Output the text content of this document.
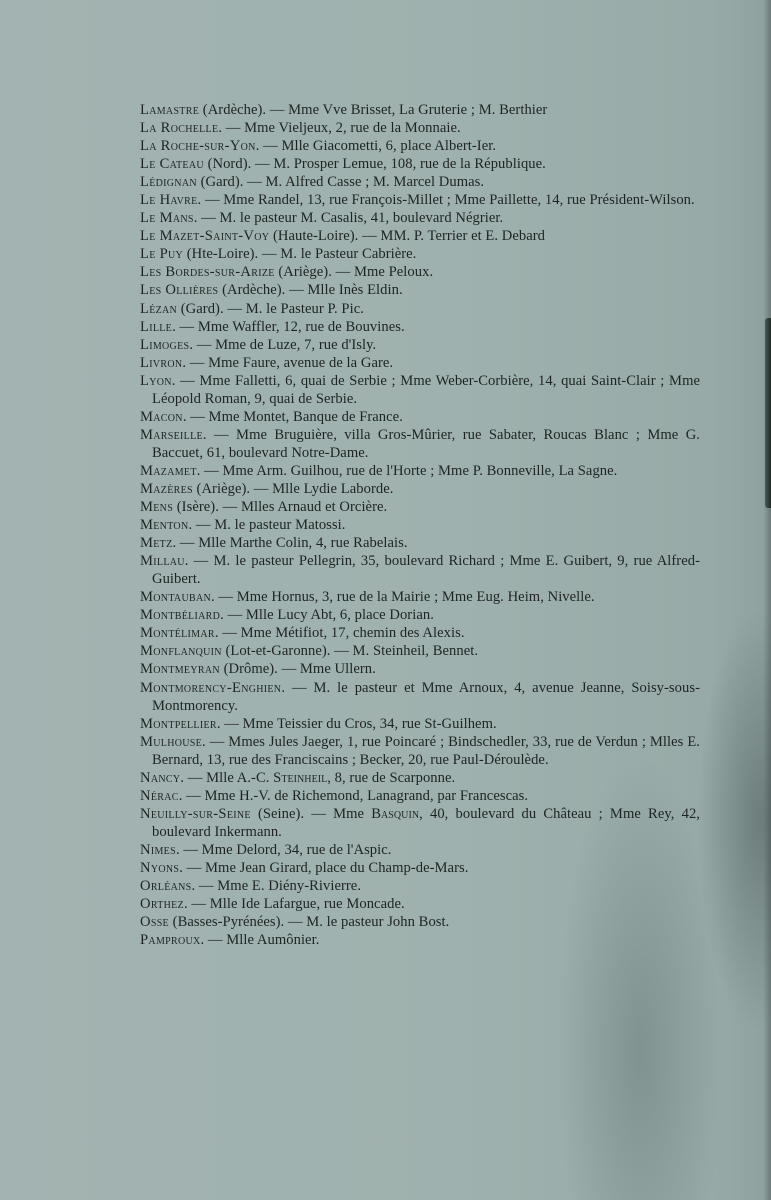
Lamastre (Ardèche). — Mme Vve Brisset, La Gruterie ; M. Berthier

La Rochelle. — Mme Vieljeux, 2, rue de la Monnaie.

La Roche-sur-Yon. — Mlle Giacometti, 6, place Albert-Ier.

Le Cateau (Nord). — M. Prosper Lemue, 108, rue de la République.

Lédignan (Gard). — M. Alfred Casse ; M. Marcel Dumas.

Le Havre. — Mme Randel, 13, rue François-Millet ; Mme Paillette, 14, rue Président-Wilson.

Le Mans. — M. le pasteur M. Casalis, 41, boulevard Négrier.

Le Mazet-Saint-Voy (Haute-Loire). — MM. P. Terrier et E. Debard

Le Puy (Hte-Loire). — M. le Pasteur Cabrière.

Les Bordes-sur-Arize (Ariège). — Mme Peloux.

Les Ollières (Ardèche). — Mlle Inès Eldin.

Lézan (Gard). — M. le Pasteur P. Pic.

Lille. — Mme Waffler, 12, rue de Bouvines.

Limoges. — Mme de Luze, 7, rue d'Isly.

Livron. — Mme Faure, avenue de la Gare.

Lyon. — Mme Falletti, 6, quai de Serbie ; Mme Weber-Corbière, 14, quai Saint-Clair ; Mme Léopold Roman, 9, quai de Serbie.

Macon. — Mme Montet, Banque de France.

Marseille. — Mme Bruguière, villa Gros-Mûrier, rue Sabater, Roucas Blanc ; Mme G. Baccuet, 61, boulevard Notre-Dame.

Mazamet. — Mme Arm. Guilhou, rue de l'Horte ; Mme P. Bonneville, La Sagne.

Mazères (Ariège). — Mlle Lydie Laborde.

Mens (Isère). — Mlles Arnaud et Orcière.

Menton. — M. le pasteur Matossi.

Metz. — Mlle Marthe Colin, 4, rue Rabelais.

Millau. — M. le pasteur Pellegrin, 35, boulevard Richard ; Mme E. Guibert, 9, rue Alfred-Guibert.

Montauban. — Mme Hornus, 3, rue de la Mairie ; Mme Eug. Heim, Nivelle.

Montbéliard. — Mlle Lucy Abt, 6, place Dorian.

Montélimar. — Mme Métifiot, 17, chemin des Alexis.

Monflanquin (Lot-et-Garonne). — M. Steinheil, Bennet.

Montmeyran (Drôme). — Mme Ullern.

Montmorency-Enghien. — M. le pasteur et Mme Arnoux, 4, avenue Jeanne, Soisy-sous-Montmorency.

Montpellier. — Mme Teissier du Cros, 34, rue St-Guilhem.

Mulhouse. — Mmes Jules Jaeger, 1, rue Poincaré ; Bindschedler, 33, rue de Verdun ; Mlles E. Bernard, 13, rue des Franciscains ; Becker, 20, rue Paul-Déroulède.

Nancy. — Mlle A.-C. Steinheil, 8, rue de Scarponne.

Nérac. — Mme H.-V. de Richemond, Lanagrand, par Francescas.

Neuilly-sur-Seine (Seine). — Mme Basquin, 40, boulevard du Château ; Mme Rey, 42, boulevard Inkermann.

Nimes. — Mme Delord, 34, rue de l'Aspic.

Nyons. — Mme Jean Girard, place du Champ-de-Mars.

Orléans. — Mme E. Diény-Rivierre.

Orthez. — Mlle Ide Lafargue, rue Moncade.

Osse (Basses-Pyrénées). — M. le pasteur John Bost.

Pamproux. — Mlle Aumônier.
